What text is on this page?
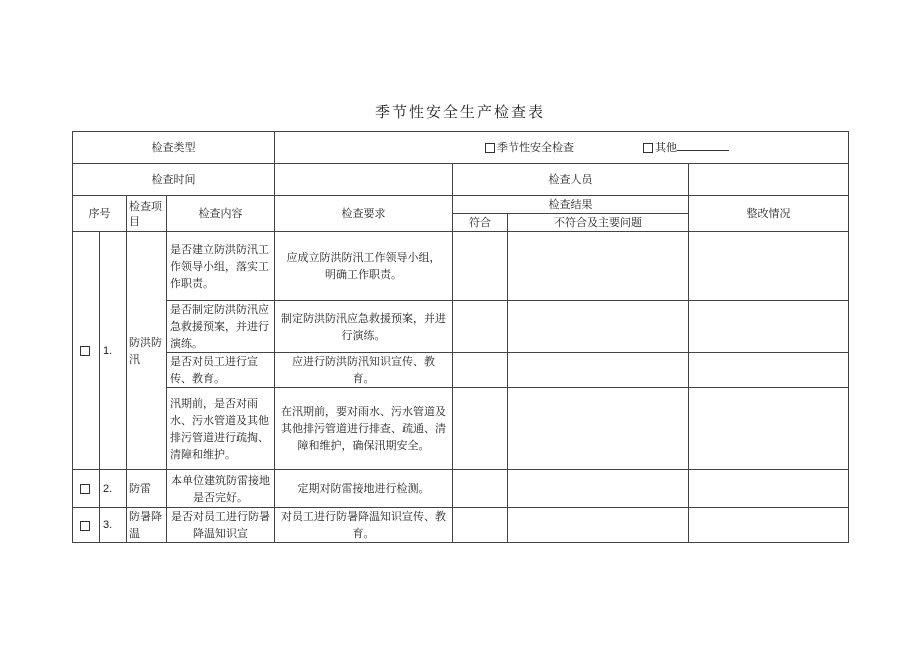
季节性安全生产检查表
检查类型				季节性安全检查 其他			
检查时间					检查人员		
序号		检查项目	检查内容	检查要求	检查结果		整改情况
					符合	不符合及主要问题	
	1.	防洪防汛	是否建立防洪防汛工作领导小组，落实工作职责。	应成立防洪防汛工作领导小组，明确工作职责。			
			是否制定防洪防汛应急救援预案，并进行演练。	制定防洪防汛应急救援预案，并进行演练。			
			是否对员工进行宣传、教育。	应进行防洪防汛知识宣传、教育。			
			汛期前，是否对雨水、污水管道及其他排污管道进行疏掏、清障和维护。	在汛期前，要对雨水、污水管道及其他排污管道进行排查、疏通、清障和维护，确保汛期安全。			
	2.	防雷	本单位建筑防雷接地是否完好。	定期对防雷接地进行检测。			
	3.	防暑降温	是否对员工进行防暑降温知识宣	对员工进行防暑降温知识宣传、教育。			
